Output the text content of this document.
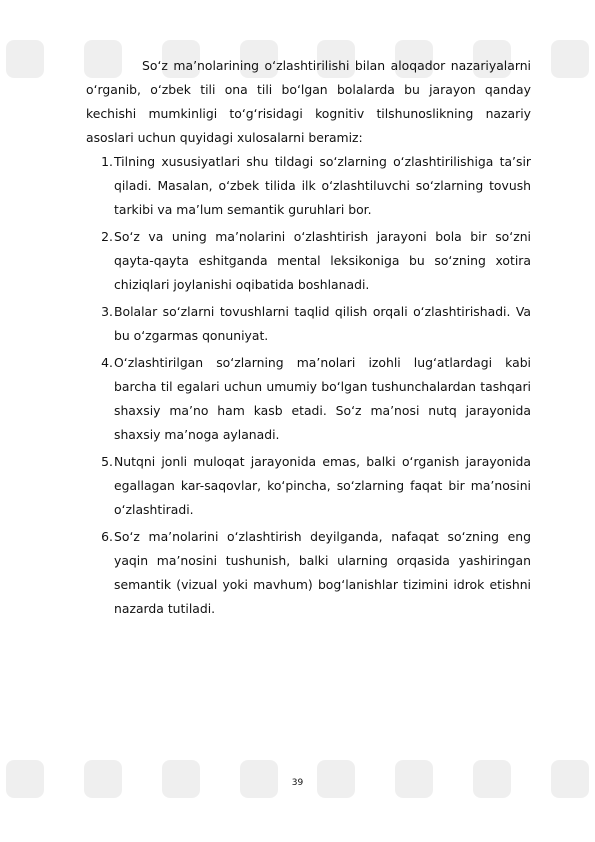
So‘z ma’nolarining o‘zlashtirilishi bilan aloqador nazariyalarni o‘rganib, o‘zbek tili ona tili bo‘lgan bolalarda bu jarayon qanday kechishi mumkinligi to‘g‘risidagi kognitiv tilshunoslikning nazariy asoslari uchun quyidagi xulosalarni beramiz:

1. Tilning xususiyatlari shu tildagi so‘zlarning o‘zlashtirilishiga ta’sir qiladi. Masalan, o‘zbek tilida ilk o‘zlashtiluvchi so‘zlarning tovush tarkibi va ma’lum semantik guruhlari bor.
2. So‘z va uning ma’nolarini o‘zlashtirish jarayoni bola bir so‘zni qayta-qayta eshitganda mental leksikoniga bu so‘zning xotira chiziqlari joylanishi oqibatida boshlanadi.
3. Bolalar so‘zlarni tovushlarni taqlid qilish orqali o‘zlashtirishadi. Va bu o‘zgarmas qonuniyat.
4. O‘zlashtirilgan so‘zlarning ma’nolari izohli lug‘atlardagi kabi barcha til egalari uchun umumiy bo‘lgan tushunchalardan tashqari shaxsiy ma’no ham kasb etadi. So‘z ma’nosi nutq jarayonida shaxsiy ma’noga aylanadi.
5. Nutqni jonli muloqat jarayonida emas, balki o‘rganish jarayonida egallagan kar-saqovlar, ko‘pincha, so‘zlarning faqat bir ma’nosini o‘zlashtiradi.
6. So‘z ma’nolarini o‘zlashtirish deyilganda, nafaqat so‘zning eng yaqin ma’nosini tushunish, balki ularning orqasida yashiringan semantik (vizual yoki mavhum) bog‘lanishlar tizimini idrok etishni nazarda tutiladi.
39
